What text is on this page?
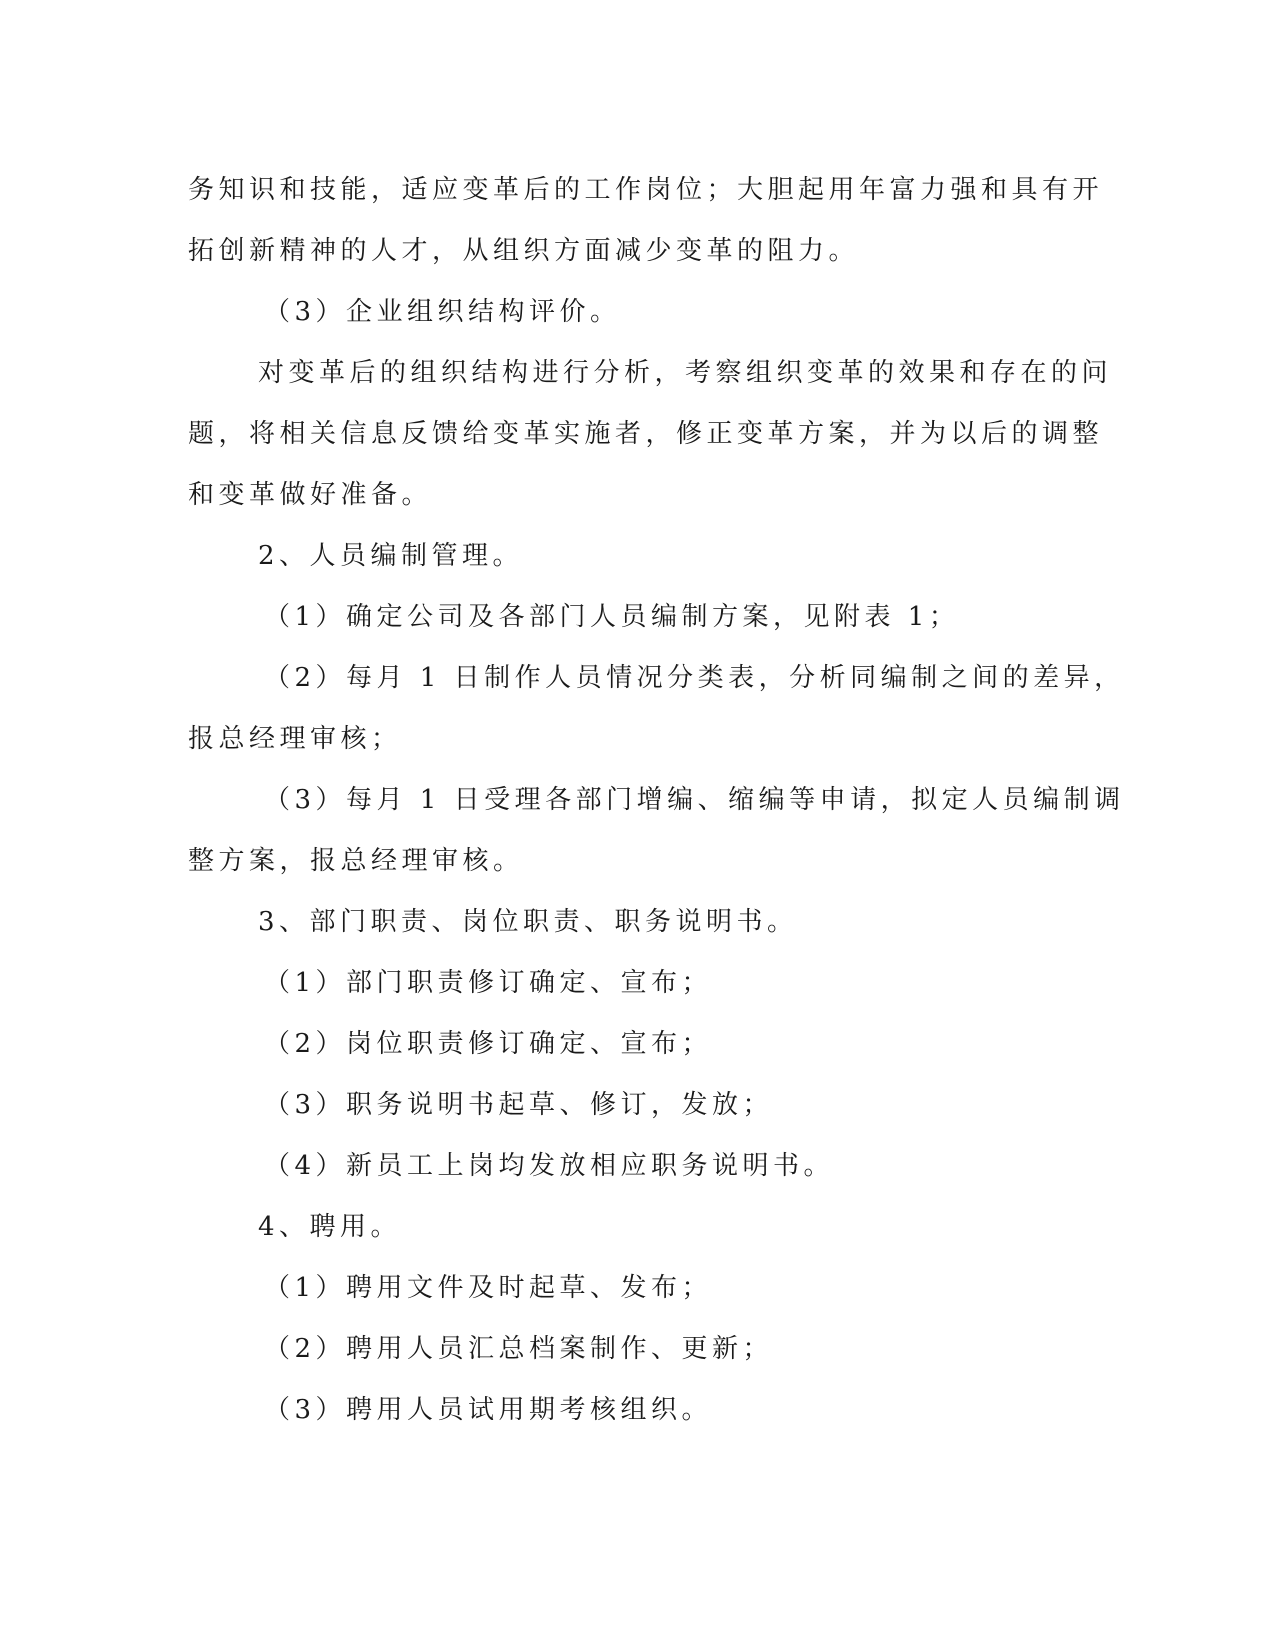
务知识和技能，适应变革后的工作岗位；大胆起用年富力强和具有开
拓创新精神的人才，从组织方面减少变革的阻力。
（3）企业组织结构评价。
对变革后的组织结构进行分析，考察组织变革的效果和存在的问
题，将相关信息反馈给变革实施者，修正变革方案，并为以后的调整
和变革做好准备。
2、人员编制管理。
（1）确定公司及各部门人员编制方案，见附表 1；
（2）每月 1 日制作人员情况分类表，分析同编制之间的差异，
报总经理审核；
（3）每月 1 日受理各部门增编、缩编等申请，拟定人员编制调
整方案，报总经理审核。
3、部门职责、岗位职责、职务说明书。
（1）部门职责修订确定、宣布；
（2）岗位职责修订确定、宣布；
（3）职务说明书起草、修订，发放；
（4）新员工上岗均发放相应职务说明书。
4、聘用。
（1）聘用文件及时起草、发布；
（2）聘用人员汇总档案制作、更新；
（3）聘用人员试用期考核组织。
